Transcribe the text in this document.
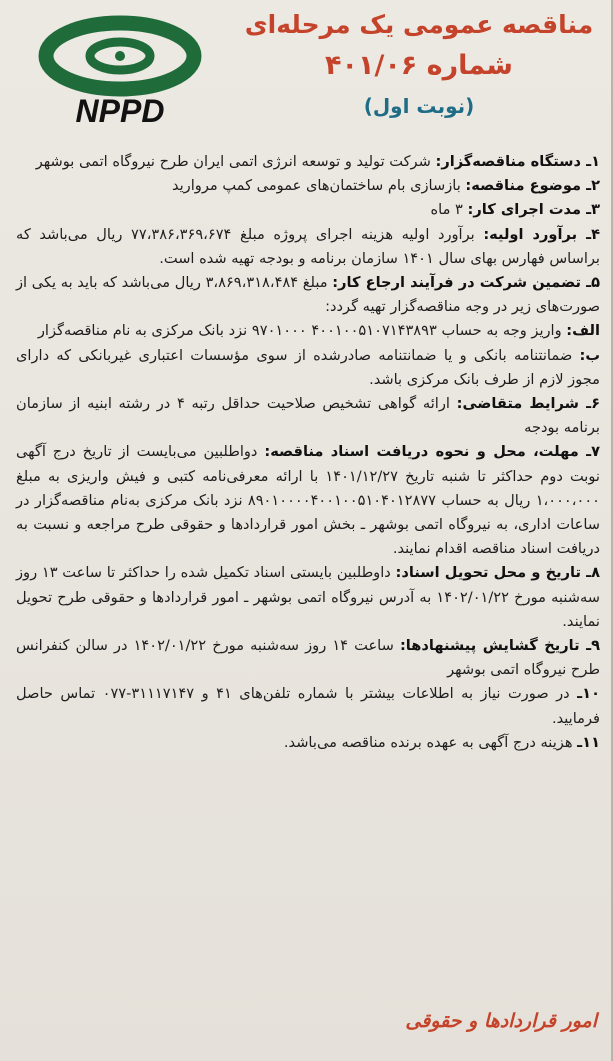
NPPD
مناقصه عمومی یک مرحله‌ای
شماره ۴۰۱/۰۶
(نوبت اول)

۱ـ دستگاه مناقصه‌گزار: شرکت تولید و توسعه انرژی اتمی ایران طرح نیروگاه اتمی بوشهر

۲ـ موضوع مناقصه: بازسازی بام ساختمان‌های عمومی کمپ مروارید

۳ـ مدت اجرای کار: ۳ ماه

۴ـ برآورد اولیه: برآورد اولیه هزینه اجرای پروژه مبلغ ۷۷،۳۸۶،۳۶۹،۶۷۴ ریال می‌باشد که براساس فهارس بهای سال ۱۴۰۱ سازمان برنامه و بودجه تهیه شده است.

۵ـ تضمین شرکت در فرآیند ارجاع کار: مبلغ ۳،۸۶۹،۳۱۸،۴۸۴ ریال می‌باشد که باید به یکی از صورت‌های زیر در وجه مناقصه‌گزار تهیه گردد:

الف: واریز وجه به حساب ۴۰۰۱۰۰۵۱۰۷۱۴۳۸۹۳ ۹۷۰۱۰۰۰ نزد بانک مرکزی به نام مناقصه‌گزار

ب: ضمانتنامه بانکی و یا ضمانتنامه صادرشده از سوی مؤسسات اعتباری غیربانکی که دارای مجوز لازم از طرف بانک مرکزی باشد.

۶ـ شرایط متقاضی: ارائه گواهی تشخیص صلاحیت حداقل رتبه ۴ در رشته ابنیه از سازمان برنامه بودجه

۷ـ مهلت، محل و نحوه دریافت اسناد مناقصه: دواطلبین می‌بایست از تاریخ درج آگهی نوبت دوم حداکثر تا شنبه تاریخ ۱۴۰۱/۱۲/۲۷ با ارائه معرفی‌نامه کتبی و فیش واریزی به مبلغ ۱،۰۰۰،۰۰۰ ریال به حساب ۸۹۰۱۰۰۰۰۴۰۰۱۰۰۵۱۰۴۰۱۲۸۷۷ نزد بانک مرکزی به‌نام مناقصه‌گزار در ساعات اداری، به نیروگاه اتمی بوشهر ـ بخش امور قراردادها و حقوقی طرح مراجعه و نسبت به دریافت اسناد مناقصه اقدام نمایند.

۸ـ تاریخ و محل تحویل اسناد: داوطلبین بایستی اسناد تکمیل شده را حداکثر تا ساعت ۱۳ روز سه‌شنبه مورخ ۱۴۰۲/۰۱/۲۲ به آدرس نیروگاه اتمی بوشهر ـ امور قراردادها و حقوقی طرح تحویل نمایند.

۹ـ تاریخ گشایش پیشنهادها: ساعت ۱۴ روز سه‌شنبه مورخ ۱۴۰۲/۰۱/۲۲ در سالن کنفرانس طرح نیروگاه اتمی بوشهر

۱۰ـ در صورت نیاز به اطلاعات بیشتر با شماره تلفن‌های ۴۱ و ۳۱۱۱۷۱۴۷-۰۷۷ تماس حاصل فرمایید.

۱۱ـ هزینه درج آگهی به عهده برنده مناقصه می‌باشد.

امور قراردادها و حقوقی
